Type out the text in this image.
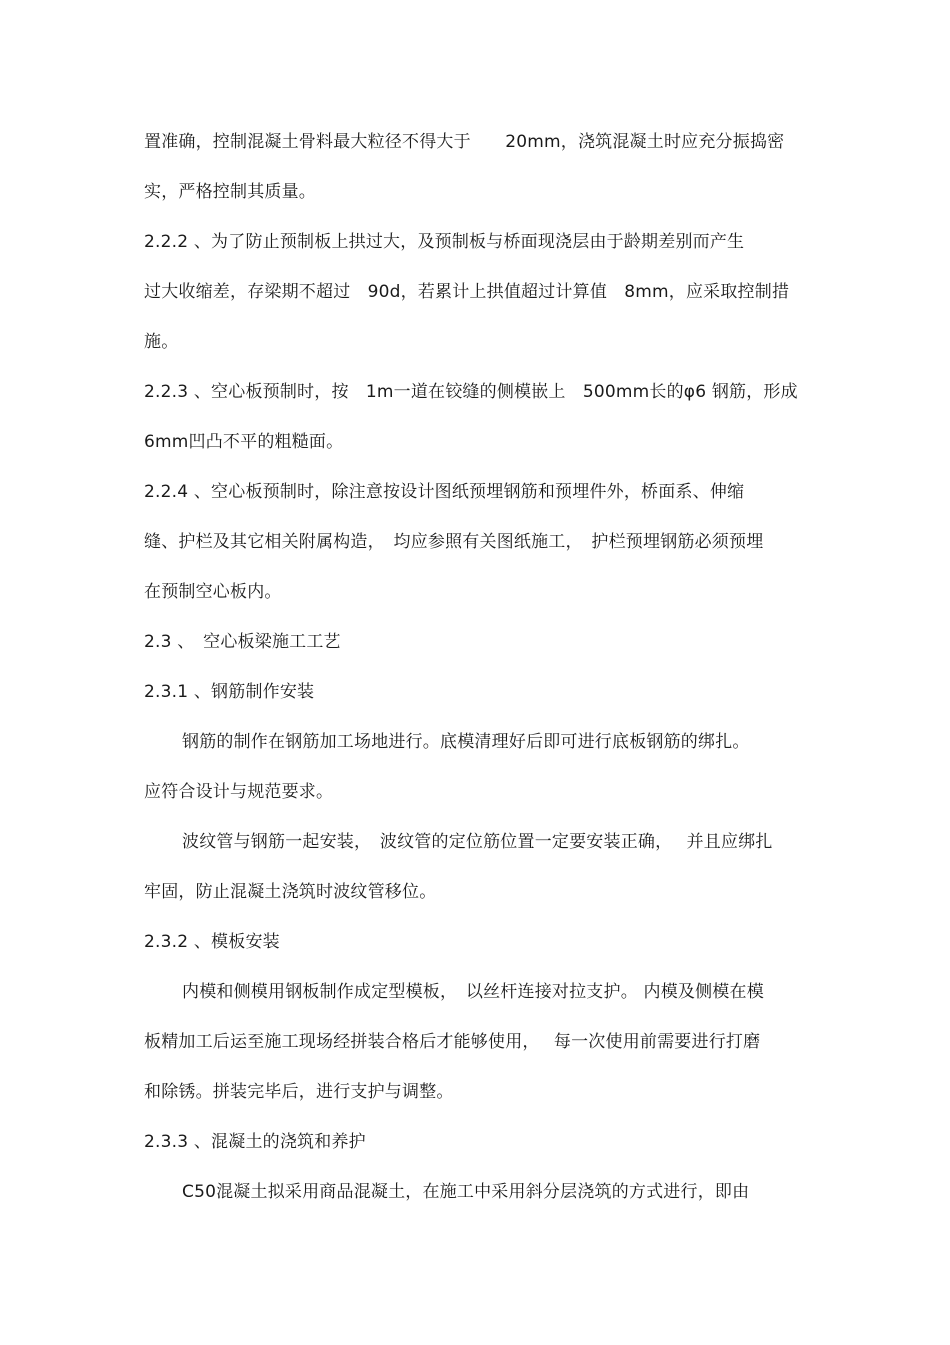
置准确，控制混凝土骨料最大粒径不得大于　　20mm，浇筑混凝土时应充分振捣密
实，严格控制其质量。
2.2.2 、为了防止预制板上拱过大，及预制板与桥面现浇层由于龄期差别而产生
过大收缩差，存梁期不超过　90d，若累计上拱值超过计算值　8mm，应采取控制措
施。
2.2.3 、空心板预制时，按　1m一道在铰缝的侧模嵌上　500mm长的φ6 钢筋，形成
6mm凹凸不平的粗糙面。
2.2.4 、空心板预制时，除注意按设计图纸预埋钢筋和预埋件外，桥面系、伸缩
缝、护栏及其它相关附属构造，　均应参照有关图纸施工，　护栏预埋钢筋必须预埋
在预制空心板内。
2.3 、　空心板梁施工工艺
2.3.1 、钢筋制作安装
钢筋的制作在钢筋加工场地进行。底模清理好后即可进行底板钢筋的绑扎。
应符合设计与规范要求。
波纹管与钢筋一起安装，　波纹管的定位筋位置一定要安装正确，　 并且应绑扎
牢固，防止混凝土浇筑时波纹管移位。
2.3.2 、模板安装
内模和侧模用钢板制作成定型模板，　以丝杆连接对拉支护。 内模及侧模在模
板精加工后运至施工现场经拼装合格后才能够使用，　 每一次使用前需要进行打磨
和除锈。拼装完毕后，进行支护与调整。
2.3.3 、混凝土的浇筑和养护
C50混凝土拟采用商品混凝土，在施工中采用斜分层浇筑的方式进行，即由
